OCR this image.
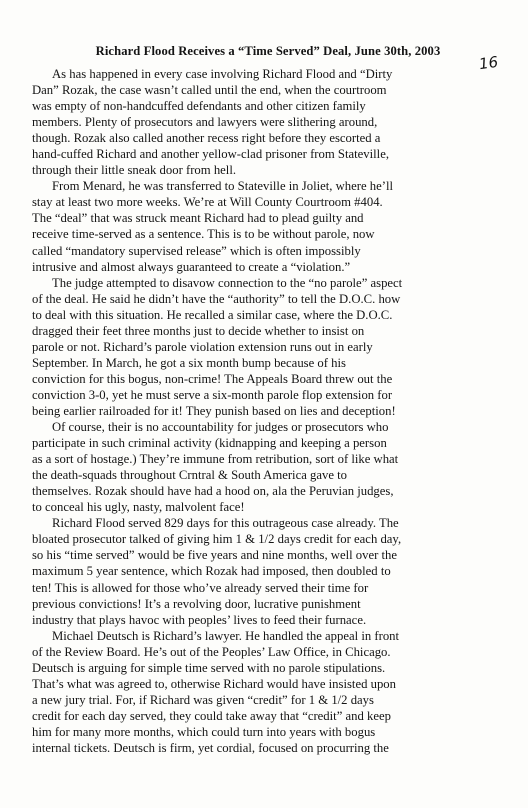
Richard Flood Receives a “Time Served” Deal, June 30th, 2003
16

As has happened in every case involving Richard Flood and “Dirty
Dan” Rozak, the case wasn’t called until the end, when the courtroom
was empty of non-handcuffed defendants and other citizen family
members. Plenty of prosecutors and lawyers were slithering around,
though. Rozak also called another recess right before they escorted a
hand-cuffed Richard and another yellow-clad prisoner from Stateville,
through their little sneak door from hell.

From Menard, he was transferred to Stateville in Joliet, where he’ll
stay at least two more weeks. We’re at Will County Courtroom #404.
The “deal” that was struck meant Richard had to plead guilty and
receive time-served as a sentence. This is to be without parole, now
called “mandatory supervised release” which is often impossibly
intrusive and almost always guaranteed to create a “violation.”

The judge attempted to disavow connection to the “no parole” aspect
of the deal. He said he didn’t have the “authority” to tell the D.O.C. how
to deal with this situation. He recalled a similar case, where the D.O.C.
dragged their feet three months just to decide whether to insist on
parole or not. Richard’s parole violation extension runs out in early
September. In March, he got a six month bump because of his
conviction for this bogus, non-crime! The Appeals Board threw out the
conviction 3-0, yet he must serve a six-month parole flop extension for
being earlier railroaded for it! They punish based on lies and deception!

Of course, their is no accountability for judges or prosecutors who
participate in such criminal activity (kidnapping and keeping a person
as a sort of hostage.) They’re immune from retribution, sort of like what
the death-squads throughout Crntral & South America gave to
themselves. Rozak should have had a hood on, ala the Peruvian judges,
to conceal his ugly, nasty, malvolent face!

Richard Flood served 829 days for this outrageous case already. The
bloated prosecutor talked of giving him 1 & 1/2 days credit for each day,
so his “time served” would be five years and nine months, well over the
maximum 5 year sentence, which Rozak had imposed, then doubled to
ten! This is allowed for those who’ve already served their time for
previous convictions! It’s a revolving door, lucrative punishment
industry that plays havoc with peoples’ lives to feed their furnace.

Michael Deutsch is Richard’s lawyer. He handled the appeal in front
of the Review Board. He’s out of the Peoples’ Law Office, in Chicago.
Deutsch is arguing for simple time served with no parole stipulations.
That’s what was agreed to, otherwise Richard would have insisted upon
a new jury trial. For, if Richard was given “credit” for 1 & 1/2 days
credit for each day served, they could take away that “credit” and keep
him for many more months, which could turn into years with bogus
internal tickets. Deutsch is firm, yet cordial, focused on procurring the
